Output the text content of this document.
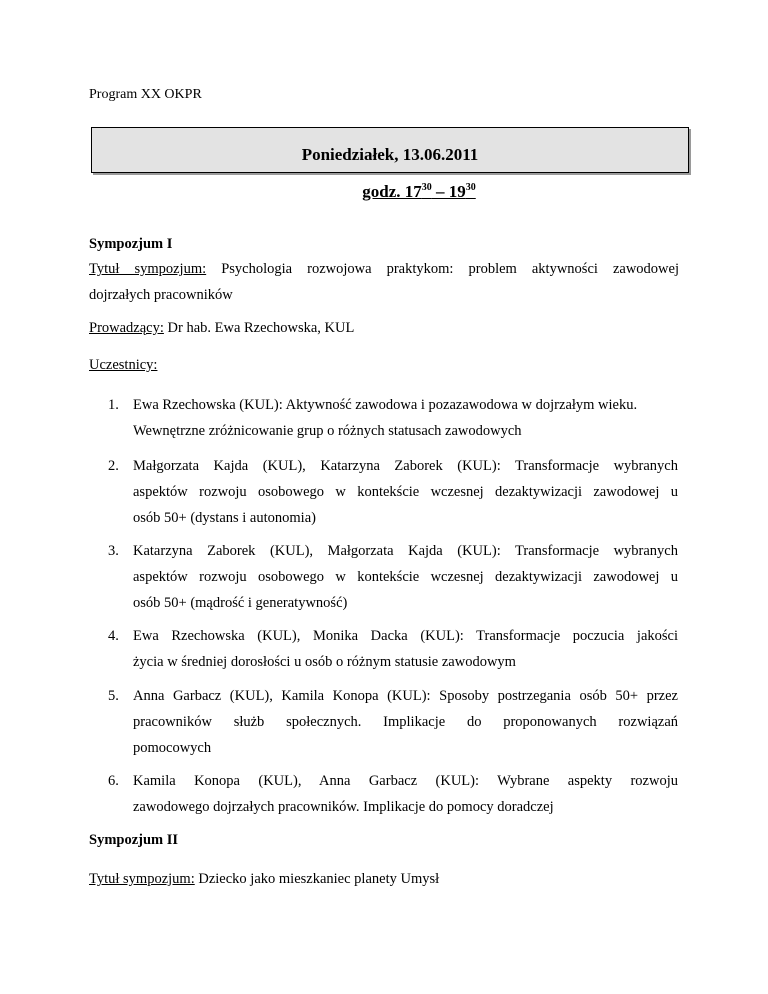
Program XX OKPR
Poniedziałek, 13.06.2011
godz. $17^{30} - 19^{30}$
Sympozjum I
Tytuł sympozjum: Psychologia rozwojowa praktykom: problem aktywności zawodowej
dojrzałych pracowników
Prowadzący: Dr hab. Ewa Rzechowska, KUL
Uczestnicy:
1. Ewa Rzechowska (KUL): Aktywność zawodowa i pozazawodowa w dojrzałym wieku.
Wewnętrzne zróżnicowanie grup o różnych statusach zawodowych
2. Małgorzata Kajda (KUL), Katarzyna Zaborek (KUL): Transformacje wybranych
aspektów rozwoju osobowego w kontekście wczesnej dezaktywizacji zawodowej u
osób 50+ (dystans i autonomia)
3. Katarzyna Zaborek (KUL), Małgorzata Kajda (KUL): Transformacje wybranych
aspektów rozwoju osobowego w kontekście wczesnej dezaktywizacji zawodowej u
osób 50+ (mądrość i generatywność)
4. Ewa Rzechowska (KUL), Monika Dacka (KUL): Transformacje poczucia jakości
życia w średniej dorosłości u osób o różnym statusie zawodowym
5. Anna Garbacz (KUL), Kamila Konopa (KUL): Sposoby postrzegania osób 50+ przez
pracowników służb społecznych. Implikacje do proponowanych rozwiązań
pomocowych
6. Kamila Konopa (KUL), Anna Garbacz (KUL): Wybrane aspekty rozwoju
zawodowego dojrzałych pracowników. Implikacje do pomocy doradczej
Sympozjum II
Tytuł sympozjum: Dziecko jako mieszkaniec planety Umysł
